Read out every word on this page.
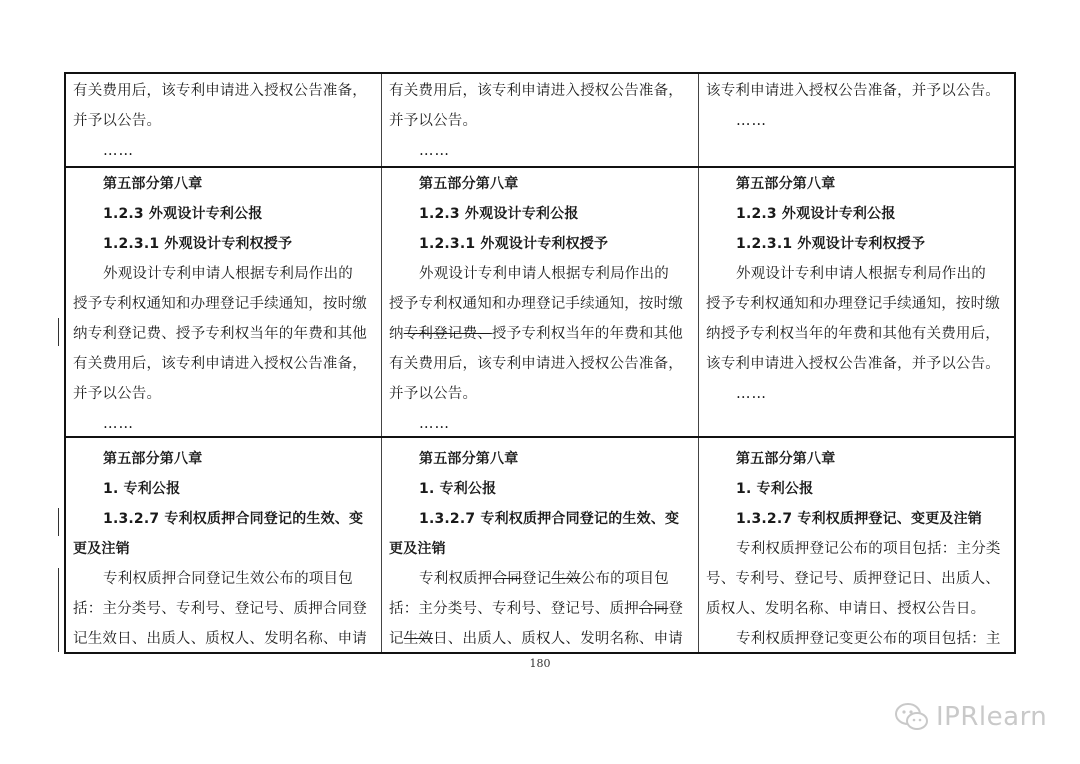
有关费用后，该专利申请进入授权公告准备，
并予以公告。
……
有关费用后，该专利申请进入授权公告准备，
并予以公告。
……
该专利申请进入授权公告准备，并予以公告。
……
第五部分第八章
1.2.3 外观设计专利公报
1.2.3.1 外观设计专利权授予
外观设计专利申请人根据专利局作出的
授予专利权通知和办理登记手续通知，按时缴
纳专利登记费、授予专利权当年的年费和其他
有关费用后，该专利申请进入授权公告准备，
并予以公告。
……
第五部分第八章
1.2.3 外观设计专利公报
1.2.3.1 外观设计专利权授予
外观设计专利申请人根据专利局作出的
授予专利权通知和办理登记手续通知，按时缴
纳专利登记费、授予专利权当年的年费和其他
有关费用后，该专利申请进入授权公告准备，
并予以公告。
……
第五部分第八章
1.2.3 外观设计专利公报
1.2.3.1 外观设计专利权授予
外观设计专利申请人根据专利局作出的
授予专利权通知和办理登记手续通知，按时缴
纳授予专利权当年的年费和其他有关费用后，
该专利申请进入授权公告准备，并予以公告。
……
第五部分第八章
1. 专利公报
1.3.2.7 专利权质押合同登记的生效、变
更及注销
专利权质押合同登记生效公布的项目包
括：主分类号、专利号、登记号、质押合同登
记生效日、出质人、质权人、发明名称、申请
第五部分第八章
1. 专利公报
1.3.2.7 专利权质押合同登记的生效、变
更及注销
专利权质押合同登记生效公布的项目包
括：主分类号、专利号、登记号、质押合同登
记生效日、出质人、质权人、发明名称、申请
第五部分第八章
1. 专利公报
1.3.2.7 专利权质押登记、变更及注销
专利权质押登记公布的项目包括：主分类
号、专利号、登记号、质押登记日、出质人、
质权人、发明名称、申请日、授权公告日。
专利权质押登记变更公布的项目包括：主
180
IPRlearn
